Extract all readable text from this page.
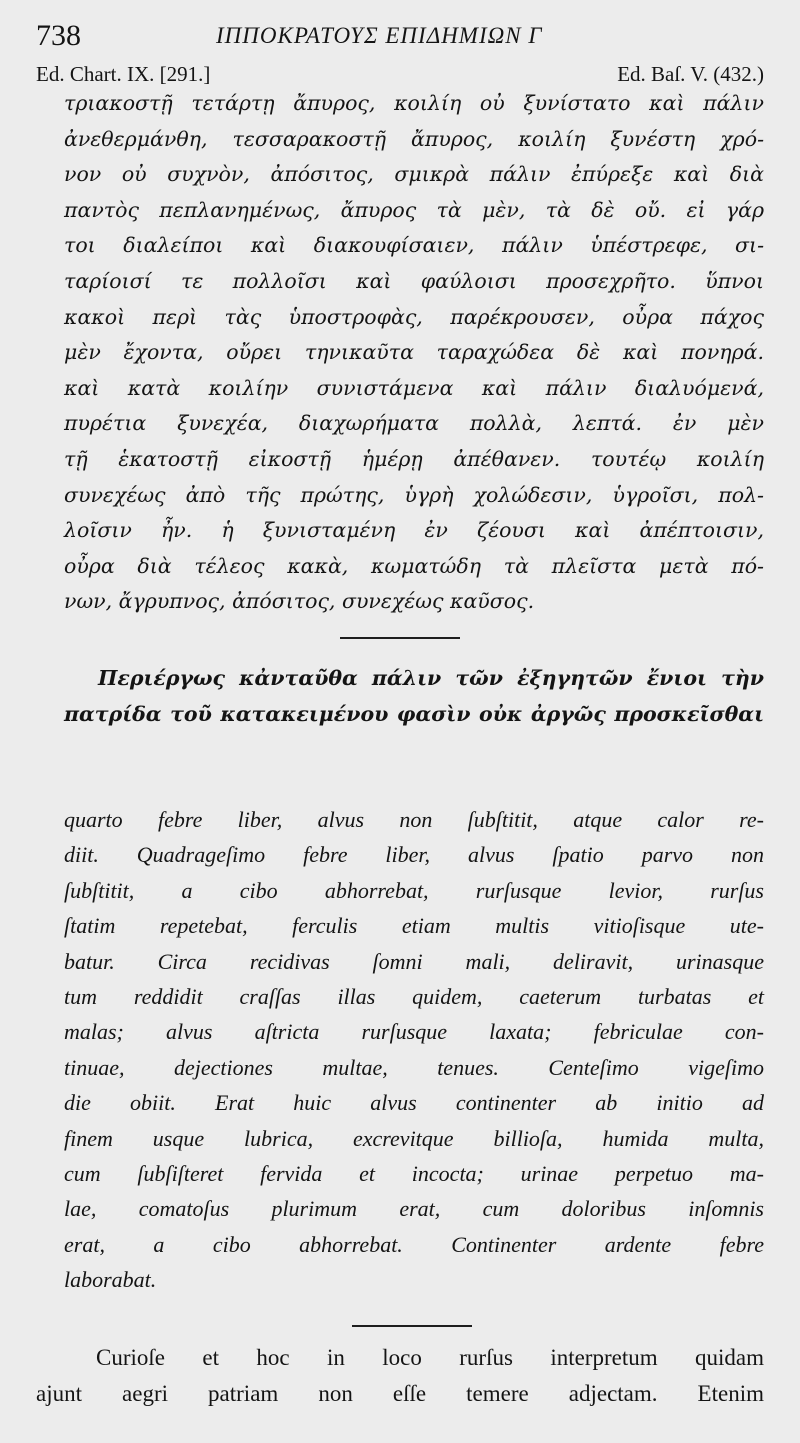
738	ΙΠΠΟΚΡΑΤΟΥΣ ΕΠΙΔΗΜΙΩΝ Γ
Ed. Chart. IX. [291.]	Ed. Baſ. V. (432.)
τριακοστῇ τετάρτῃ ἄπυρος, κοιλίη οὐ ξυνίστατο καὶ πάλιν
ἀνεθερμάνθη, τεσσαρακοστῇ ἄπυρος, κοιλίη ξυνέστη χρό-
νον οὐ συχνὸν, ἀπόσιτος, σμικρὰ πάλιν ἐπύρεξε καὶ διὰ
παντὸς πεπλανημένως, ἄπυρος τὰ μὲν, τὰ δὲ οὔ. εἰ γάρ
τοι διαλείποι καὶ διακουφίσαιεν, πάλιν ὑπέστρεφε, σι-
ταρίοισί τε πολλοῖσι καὶ φαύλοισι προσεχρῆτο. ὕπνοι
κακοὶ περὶ τὰς ὑποστροφὰς, παρέκρουσεν, οὖρα πάχος
μὲν ἔχοντα, οὔρει τηνικαῦτα ταραχώδεα δὲ καὶ πονηρά.
καὶ κατὰ κοιλίην συνιστάμενα καὶ πάλιν διαλυόμενά,
πυρέτια ξυνεχέα, διαχωρήματα πολλὰ, λεπτά. ἐν μὲν
τῇ ἑκατοστῇ εἰκοστῇ ἡμέρῃ ἀπέθανεν. τουτέῳ κοιλίη
συνεχέως ἀπὸ τῆς πρώτης, ὑγρὴ χολώδεσιν, ὑγροῖσι, πολ-
λοῖσιν ἦν. ἡ ξυνισταμένη ἐν ζέουσι καὶ ἀπέπτοισιν,
οὖρα διὰ τέλεος κακὰ, κωματώδη τὰ πλεῖστα μετὰ πό-
νων, ἄγρυπνος, ἀπόσιτος, συνεχέως καῦσος.
Περιέργως κἀνταῦθα πάλιν τῶν ἐξηγητῶν ἔνιοι τὴν
πατρίδα τοῦ κατακειμένου φασὶν οὐκ ἀργῶς προσκεῖσθαι
quarto febre liber, alvus non ſubſtitit, atque calor re-
diit. Quadrageſimo febre liber, alvus ſpatio parvo non
ſubſtitit, a cibo abhorrebat, rurſusque levior, rurſus
ſtatim repetebat, ferculis etiam multis vitioſisque ute-
batur. Circa recidivas ſomni mali, deliravit, urinasque
tum reddidit craſſas illas quidem, caeterum turbatas et
malas; alvus aſtricta rurſusque laxata; febriculae con-
tinuae, dejectiones multae, tenues. Centeſimo vigeſimo
die obiit. Erat huic alvus continenter ab initio ad
finem usque lubrica, excrevitque billioſa, humida multa,
cum ſubſiſteret fervida et incocta; urinae perpetuo ma-
lae, comatoſus plurimum erat, cum doloribus inſomnis
erat, a cibo abhorrebat. Continenter ardente febre
laborabat.
Curioſe et hoc in loco rurſus interpretum quidam
ajunt aegri patriam non eſſe temere adjectam. Etenim
